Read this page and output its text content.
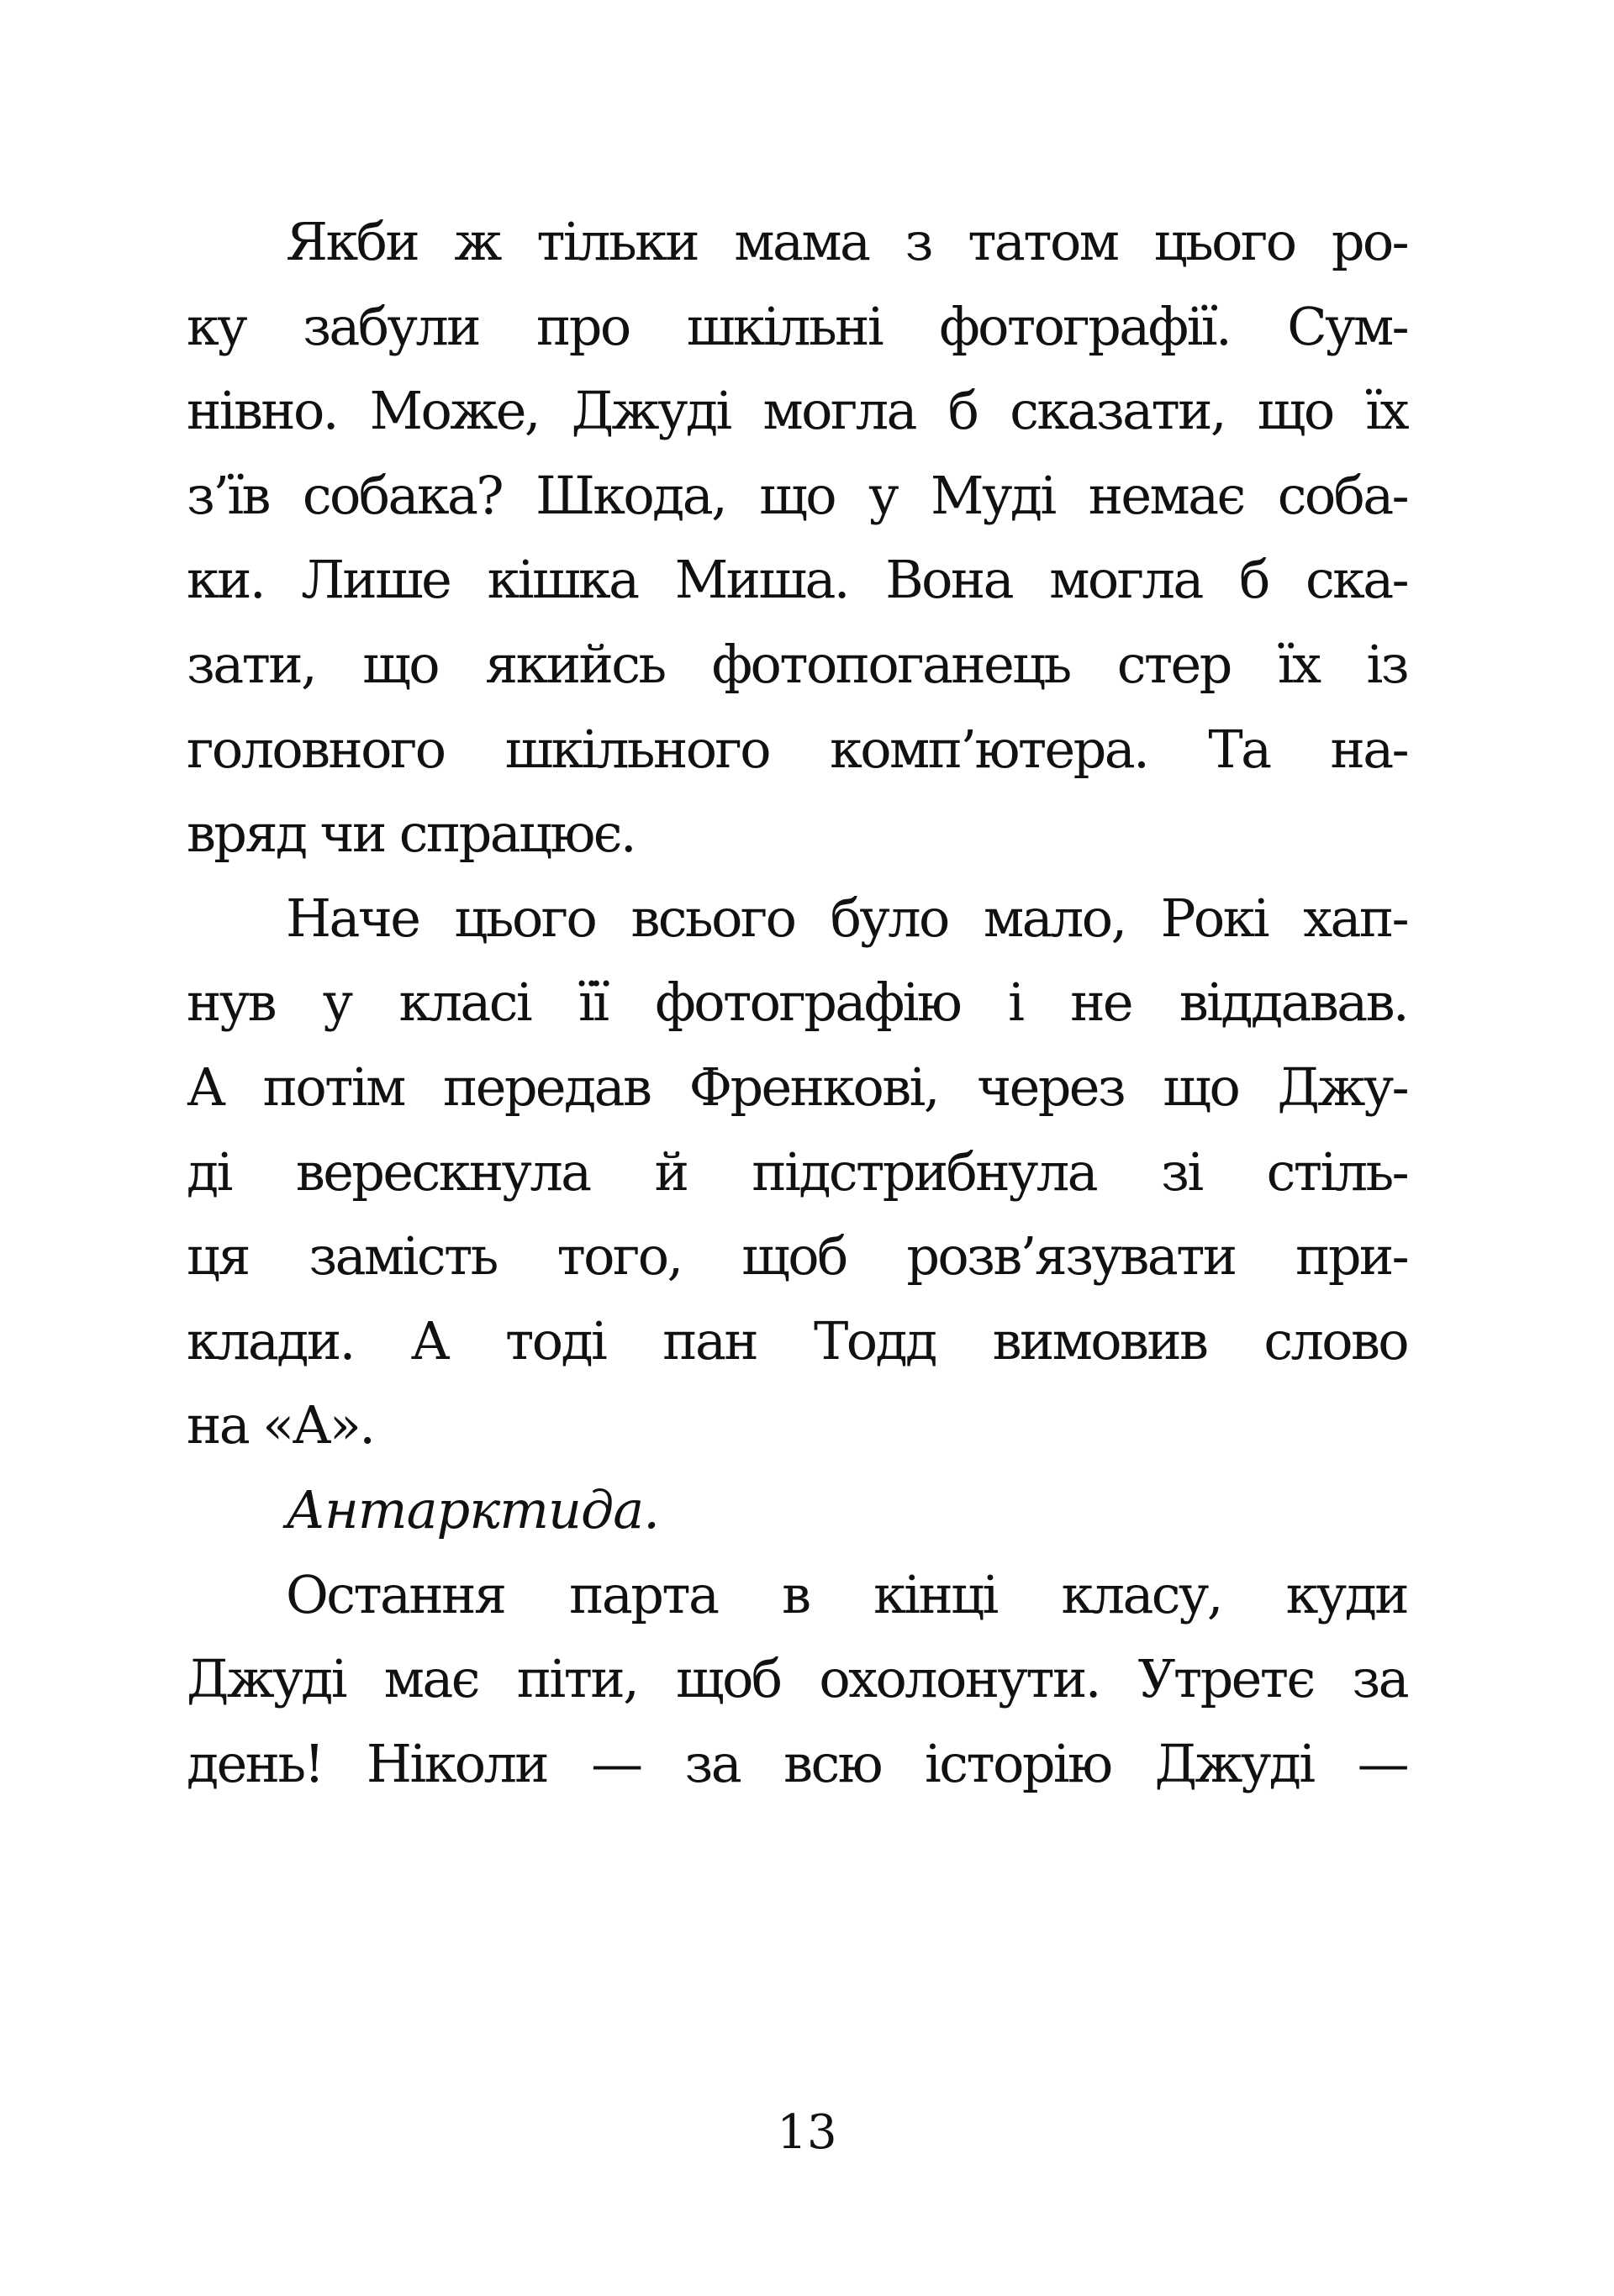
Якби ж тільки мама з татом цього ро-
ку забули про шкільні фотографії. Сум-
нівно. Може, Джуді могла б сказати, що їх
з’їв собака? Шкода, що у Муді немає соба-
ки. Лише кішка Миша. Вона могла б ска-
зати, що якийсь фотопоганець стер їх із
головного шкільного комп’ютера. Та на-
вряд чи спрацює.
Наче цього всього було мало, Рокі хап-
нув у класі її фотографію і не віддавав.
А потім передав Френкові, через що Джу-
ді верескнула й підстрибнула зі стіль-
ця замість того, щоб розв’язувати при-
клади. А тоді пан Тодд вимовив слово
на «А».
Антарктида.
Остання парта в кінці класу, куди
Джуді має піти, щоб охолонути. Утретє за
день! Ніколи — за всю історію Джуді —
13
